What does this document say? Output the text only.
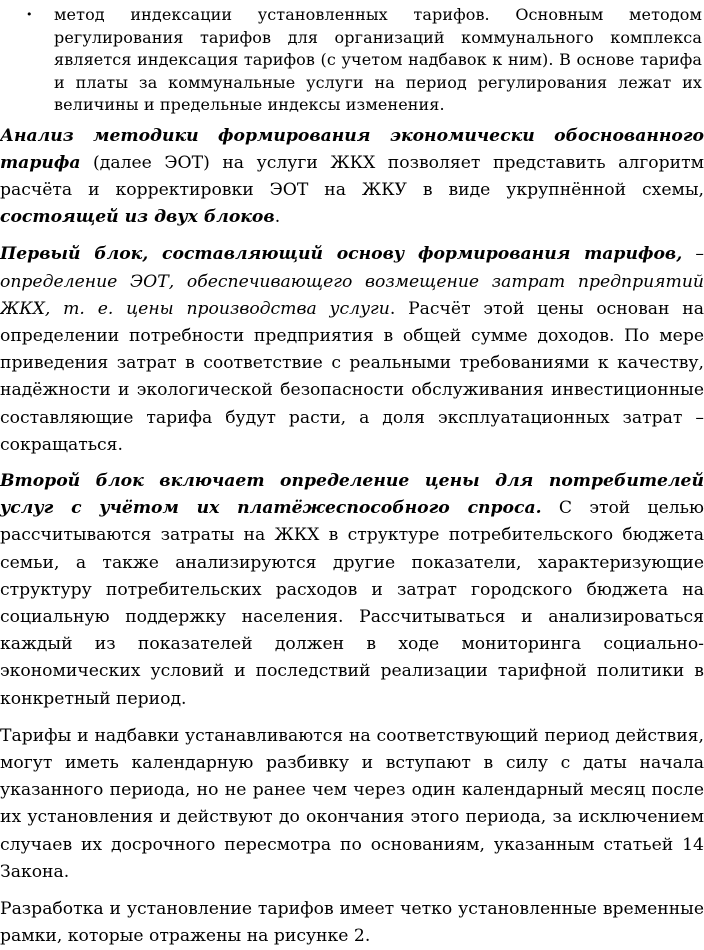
•	метод индексации установленных тарифов. Основным методом регулирования тарифов для организаций коммунального комплекса является индексация тарифов (с учетом надбавок к ним). В основе тарифа и платы за коммунальные услуги на период регулирования лежат их величины и предельные индексы изменения.

Анализ методики формирования экономически обоснованного тарифа (далее ЭОТ) на услуги ЖКХ позволяет представить алгоритм расчёта и корректировки ЭОТ на ЖКУ в виде укрупнённой схемы, состоящей из двух блоков.

Первый блок, составляющий основу формирования тарифов, – определение ЭОТ, обеспечивающего возмещение затрат предприятий ЖКХ, т. е. цены производства услуги. Расчёт этой цены основан на определении потребности предприятия в общей сумме доходов. По мере приведения затрат в соответствие с реальными требованиями к качеству, надёжности и экологической безопасности обслуживания инвестиционные составляющие тарифа будут расти, а доля эксплуатационных затрат – сокращаться.

Второй блок включает определение цены для потребителей услуг с учётом их платёжеспособного спроса. С этой целью рассчитываются затраты на ЖКХ в структуре потребительского бюджета семьи, а также анализируются другие показатели, характеризующие структуру потребительских расходов и затрат городского бюджета на социальную поддержку населения. Рассчитываться и анализироваться каждый из показателей должен в ходе мониторинга социально-экономических условий и последствий реализации тарифной политики в конкретный период.

Тарифы и надбавки устанавливаются на соответствующий период действия, могут иметь календарную разбивку и вступают в силу с даты начала указанного периода, но не ранее чем через один календарный месяц после их установления и действуют до окончания этого периода, за исключением случаев их досрочного пересмотра по основаниям, указанным статьей 14 Закона.

Разработка и установление тарифов имеет четко установленные временные рамки, которые отражены на рисунке 2.
